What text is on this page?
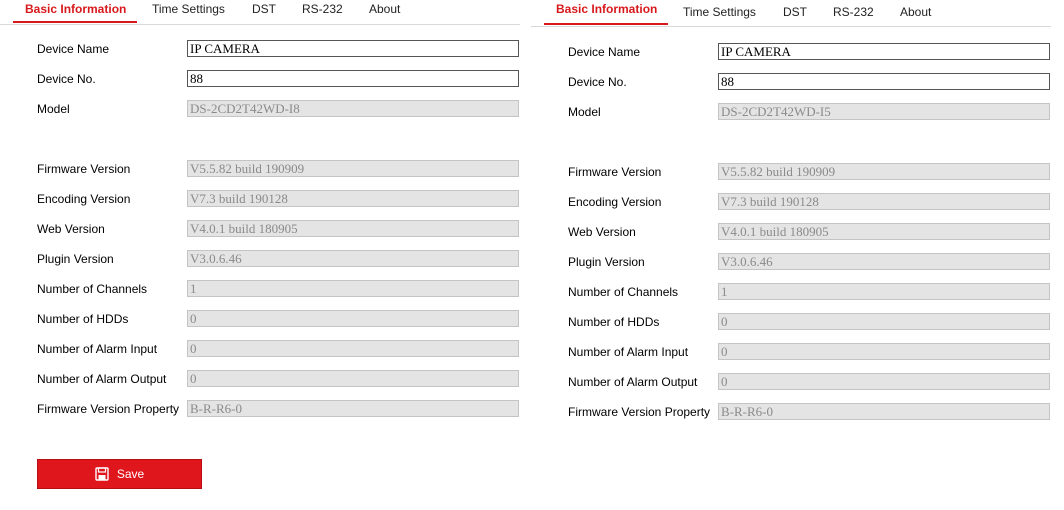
Basic Information Time Settings DST RS-232 About
Device Name	IP CAMERA
Device No.	88
Model	DS-2CD2T42WD-I8
Firmware Version	V5.5.82 build 190909
Encoding Version	V7.3 build 190128
Web Version	V4.0.1 build 180905
Plugin Version	V3.0.6.46
Number of Channels	1
Number of HDDs	0
Number of Alarm Input	0
Number of Alarm Output 0
Firmware Version Property B-R-R6-0
Save
Basic Information Time Settings DST RS-232 About
Device Name	IP CAMERA
Device No.	88
Model	DS-2CD2T42WD-I5
Firmware Version	V5.5.82 build 190909
Encoding Version	V7.3 build 190128
Web Version	V4.0.1 build 180905
Plugin Version	V3.0.6.46
Number of Channels	1
Number of HDDs	0
Number of Alarm Input	0
Number of Alarm Output 0
Firmware Version Property B-R-R6-0
